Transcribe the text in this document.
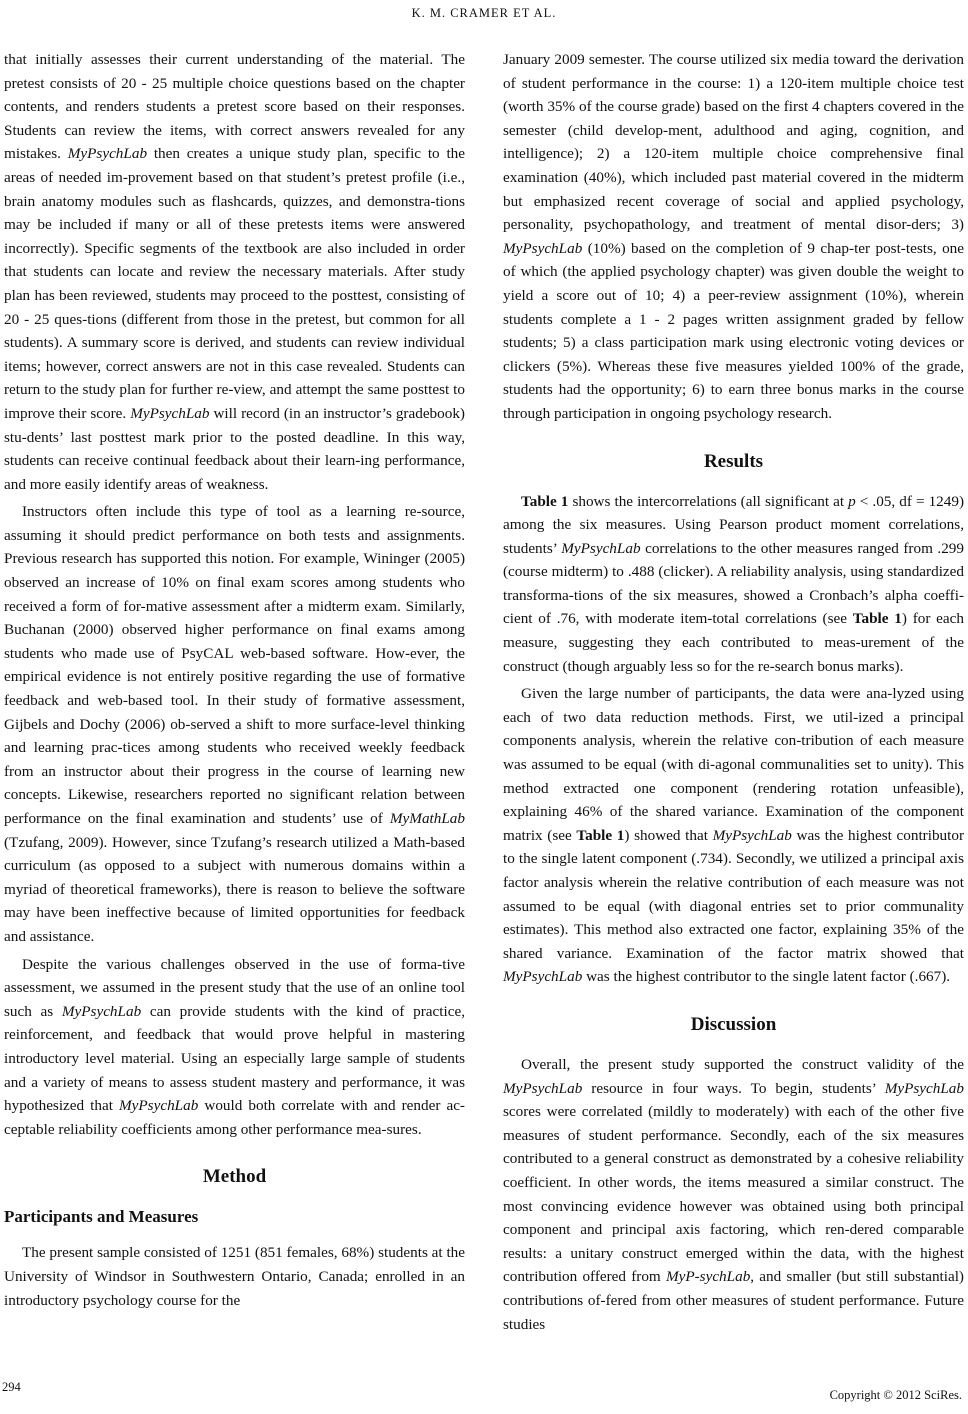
K. M. CRAMER ET AL.

that initially assesses their current understanding of the material. The pretest consists of 20 - 25 multiple choice questions based on the chapter contents, and renders students a pretest score based on their responses. Students can review the items, with correct answers revealed for any mistakes. MyPsychLab then creates a unique study plan, specific to the areas of needed im-provement based on that student’s pretest profile (i.e., brain anatomy modules such as flashcards, quizzes, and demonstra-tions may be included if many or all of these pretests items were answered incorrectly). Specific segments of the textbook are also included in order that students can locate and review the necessary materials. After study plan has been reviewed, students may proceed to the posttest, consisting of 20 - 25 ques-tions (different from those in the pretest, but common for all students). A summary score is derived, and students can review individual items; however, correct answers are not in this case revealed. Students can return to the study plan for further re-view, and attempt the same posttest to improve their score. MyPsychLab will record (in an instructor’s gradebook) stu-dents’ last posttest mark prior to the posted deadline. In this way, students can receive continual feedback about their learn-ing performance, and more easily identify areas of weakness.

Instructors often include this type of tool as a learning re-source, assuming it should predict performance on both tests and assignments. Previous research has supported this notion. For example, Wininger (2005) observed an increase of 10% on final exam scores among students who received a form of for-mative assessment after a midterm exam. Similarly, Buchanan (2000) observed higher performance on final exams among students who made use of PsyCAL web-based software. How-ever, the empirical evidence is not entirely positive regarding the use of formative feedback and web-based tool. In their study of formative assessment, Gijbels and Dochy (2006) ob-served a shift to more surface-level thinking and learning prac-tices among students who received weekly feedback from an instructor about their progress in the course of learning new concepts. Likewise, researchers reported no significant relation between performance on the final examination and students’ use of MyMathLab (Tzufang, 2009). However, since Tzufang’s research utilized a Math-based curriculum (as opposed to a subject with numerous domains within a myriad of theoretical frameworks), there is reason to believe the software may have been ineffective because of limited opportunities for feedback and assistance.

Despite the various challenges observed in the use of forma-tive assessment, we assumed in the present study that the use of an online tool such as MyPsychLab can provide students with the kind of practice, reinforcement, and feedback that would prove helpful in mastering introductory level material. Using an especially large sample of students and a variety of means to assess student mastery and performance, it was hypothesized that MyPsychLab would both correlate with and render ac-ceptable reliability coefficients among other performance mea-sures.

Method
Participants and Measures

The present sample consisted of 1251 (851 females, 68%) students at the University of Windsor in Southwestern Ontario, Canada; enrolled in an introductory psychology course for the

January 2009 semester. The course utilized six media toward the derivation of student performance in the course: 1) a 120-item multiple choice test (worth 35% of the course grade) based on the first 4 chapters covered in the semester (child develop-ment, adulthood and aging, cognition, and intelligence); 2) a 120-item multiple choice comprehensive final examination (40%), which included past material covered in the midterm but emphasized recent coverage of social and applied psychology, personality, psychopathology, and treatment of mental disor-ders; 3) MyPsychLab (10%) based on the completion of 9 chap-ter post-tests, one of which (the applied psychology chapter) was given double the weight to yield a score out of 10; 4) a peer-review assignment (10%), wherein students complete a 1 - 2 pages written assignment graded by fellow students; 5) a class participation mark using electronic voting devices or clickers (5%). Whereas these five measures yielded 100% of the grade, students had the opportunity; 6) to earn three bonus marks in the course through participation in ongoing psychology research.

Results

Table 1 shows the intercorrelations (all significant at p < .05, df = 1249) among the six measures. Using Pearson product moment correlations, students’ MyPsychLab correlations to the other measures ranged from .299 (course midterm) to .488 (clicker). A reliability analysis, using standardized transforma-tions of the six measures, showed a Cronbach’s alpha coeffi-cient of .76, with moderate item-total correlations (see Table 1) for each measure, suggesting they each contributed to meas-urement of the construct (though arguably less so for the re-search bonus marks).

Given the large number of participants, the data were ana-lyzed using each of two data reduction methods. First, we util-ized a principal components analysis, wherein the relative con-tribution of each measure was assumed to be equal (with di-agonal communalities set to unity). This method extracted one component (rendering rotation unfeasible), explaining 46% of the shared variance. Examination of the component matrix (see Table 1) showed that MyPsychLab was the highest contributor to the single latent component (.734). Secondly, we utilized a principal axis factor analysis wherein the relative contribution of each measure was not assumed to be equal (with diagonal entries set to prior communality estimates). This method also extracted one factor, explaining 35% of the shared variance. Examination of the factor matrix showed that MyPsychLab was the highest contributor to the single latent factor (.667).

Discussion

Overall, the present study supported the construct validity of the MyPsychLab resource in four ways. To begin, students’ MyPsychLab scores were correlated (mildly to moderately) with each of the other five measures of student performance. Secondly, each of the six measures contributed to a general construct as demonstrated by a cohesive reliability coefficient. In other words, the items measured a similar construct. The most convincing evidence however was obtained using both principal component and principal axis factoring, which ren-dered comparable results: a unitary construct emerged within the data, with the highest contribution offered from MyP-sychLab, and smaller (but still substantial) contributions of-fered from other measures of student performance. Future studies

294
Copyright © 2012 SciRes.
